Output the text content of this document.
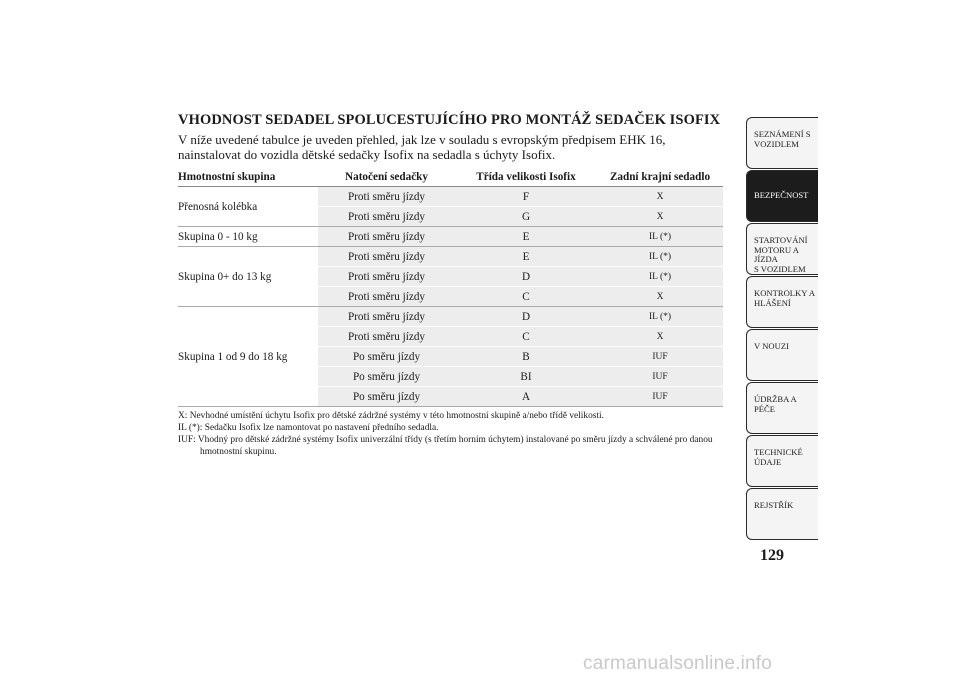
VHODNOST SEDADEL SPOLUCESTUJÍCÍHO PRO MONTÁŽ SEDAČEK ISOFIX

V níže uvedené tabulce je uveden přehled, jak lze v souladu s evropským předpisem EHK 16, nainstalovat do vozidla dětské sedačky Isofix na sedadla s úchyty Isofix.

Hmotnostní skupina	Natočení sedačky	Třída velikosti Isofix	Zadní krajní sedadlo
Přenosná kolébka	Proti směru jízdy	F	X
	Proti směru jízdy	G	X
Skupina 0 - 10 kg	Proti směru jízdy	E	IL (*)
Skupina 0+ do 13 kg	Proti směru jízdy	E	IL (*)
	Proti směru jízdy	D	IL (*)
	Proti směru jízdy	C	X
Skupina 1 od 9 do 18 kg	Proti směru jízdy	D	IL (*)
	Proti směru jízdy	C	X
	Po směru jízdy	B	IUF
	Po směru jízdy	BI	IUF
	Po směru jízdy	A	IUF

X: Nevhodné umístění úchytu Isofix pro dětské zádržné systémy v této hmotnostní skupině a/nebo třídě velikosti.

IL (*): Sedačku Isofix lze namontovat po nastavení předního sedadla.

IUF: Vhodný pro dětské zádržné systémy Isofix univerzální třídy (s třetím horním úchytem) instalované po směru jízdy a schválené pro danou hmotnostní skupinu.

SEZNÁMENÍ S
VOZIDLEM
BEZPEČNOST
STARTOVÁNÍ
MOTORU A JÍZDA
S VOZIDLEM
KONTROLKY A
HLÁŠENÍ
V NOUZI
ÚDRŽBA A PÉČE
TECHNICKÉ
ÚDAJE
REJSTŘÍK
129
carmanualsonline.info
